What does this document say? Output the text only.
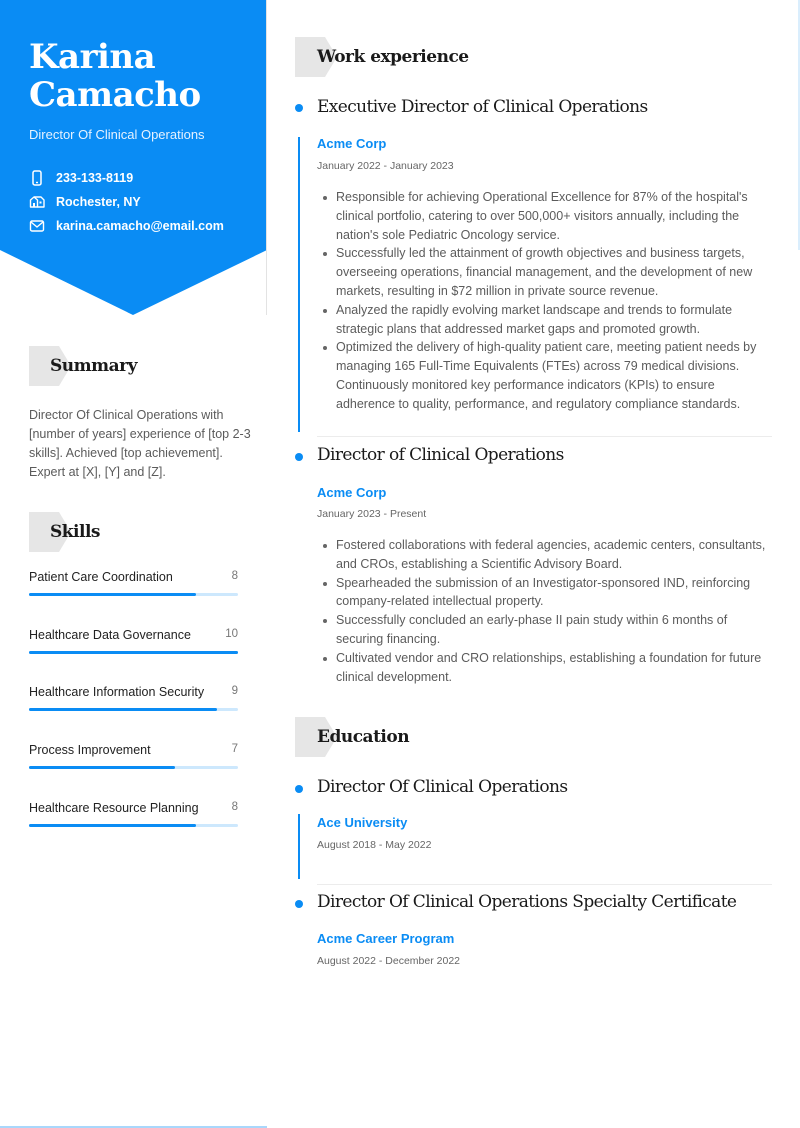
Karina
Camacho
Director Of Clinical Operations
233-133-8119
Rochester, NY
karina.camacho@email.com
Summary
Director Of Clinical Operations with [number of years] experience of [top 2-3 skills]. Achieved [top achievement]. Expert at [X], [Y] and [Z].
Skills
Patient Care Coordination	8
Healthcare Data Governance	10
Healthcare Information Security	9
Process Improvement	7
Healthcare Resource Planning	8
Work experience
Executive Director of Clinical Operations
Acme Corp
January 2022 - January 2023
Responsible for achieving Operational Excellence for 87% of the hospital's clinical portfolio, catering to over 500,000+ visitors annually, including the nation's sole Pediatric Oncology service.
Successfully led the attainment of growth objectives and business targets, overseeing operations, financial management, and the development of new markets, resulting in $72 million in private source revenue.
Analyzed the rapidly evolving market landscape and trends to formulate strategic plans that addressed market gaps and promoted growth.
Optimized the delivery of high-quality patient care, meeting patient needs by managing 165 Full-Time Equivalents (FTEs) across 79 medical divisions. Continuously monitored key performance indicators (KPIs) to ensure adherence to quality, performance, and regulatory compliance standards.
Director of Clinical Operations
Acme Corp
January 2023 - Present
Fostered collaborations with federal agencies, academic centers, consultants, and CROs, establishing a Scientific Advisory Board.
Spearheaded the submission of an Investigator-sponsored IND, reinforcing company-related intellectual property.
Successfully concluded an early-phase II pain study within 6 months of securing financing.
Cultivated vendor and CRO relationships, establishing a foundation for future clinical development.
Education
Director Of Clinical Operations
Ace University
August 2018 - May 2022
Director Of Clinical Operations Specialty Certificate
Acme Career Program
August 2022 - December 2022
